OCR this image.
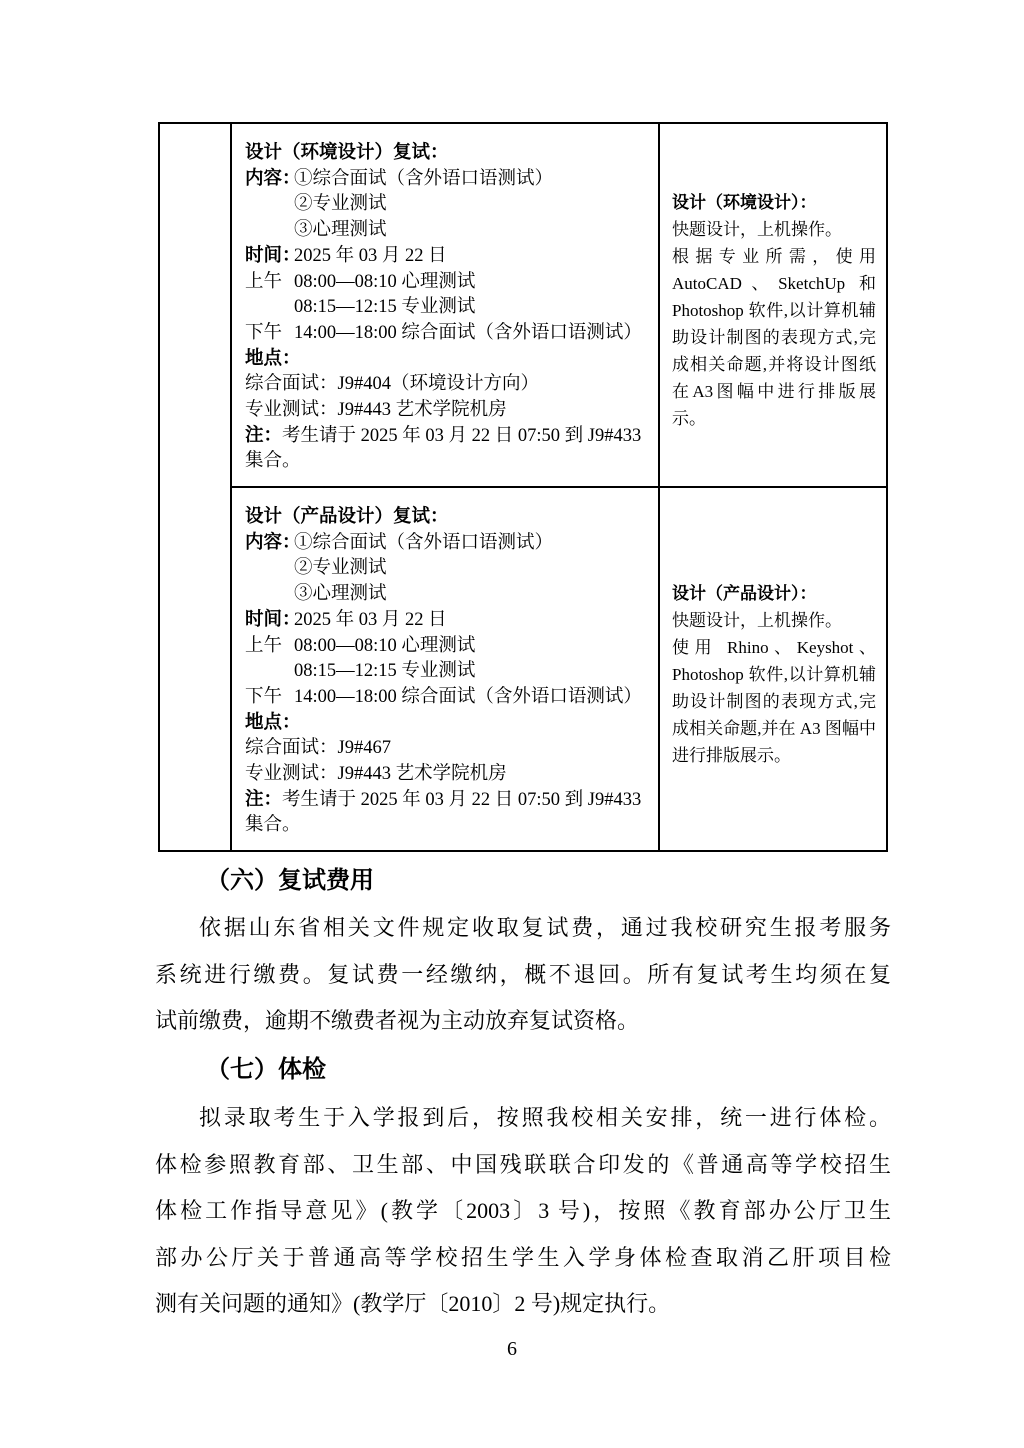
设计（环境设计）复试：
内容：①综合面试（含外语口语测试）
②专业测试
③心理测试
时间：2025 年 03 月 22 日
上午 08:00—08:10 心理测试
08:15—12:15 专业测试
下午 14:00—18:00 综合面试（含外语口语测试）
地点：
综合面试：J9#404（环境设计方向）
专业测试：J9#443 艺术学院机房
注：考生请于 2025 年 03 月 22 日 07:50 到 J9#433 集合。
设计（环境设计）：
快题设计，上机操作。
根据专业所需，使用 AutoCAD、SketchUp 和 Photoshop 软件,以计算机辅助设计制图的表现方式,完成相关命题,并将设计图纸在A3图幅中进行排版展示。
设计（产品设计）复试：
内容：①综合面试（含外语口语测试）
②专业测试
③心理测试
时间：2025 年 03 月 22 日
上午 08:00—08:10 心理测试
08:15—12:15 专业测试
下午 14:00—18:00 综合面试（含外语口语测试）
地点：
综合面试：J9#467
专业测试：J9#443 艺术学院机房
注：考生请于 2025 年 03 月 22 日 07:50 到 J9#433 集合。
设计（产品设计）：
快题设计，上机操作。
使用 Rhino、Keyshot、Photoshop 软件,以计算机辅助设计制图的表现方式,完成相关命题,并在 A3 图幅中进行排版展示。
（六）复试费用
依据山东省相关文件规定收取复试费，通过我校研究生报考服务
系统进行缴费。复试费一经缴纳，概不退回。所有复试考生均须在复
试前缴费，逾期不缴费者视为主动放弃复试资格。
（七）体检
拟录取考生于入学报到后，按照我校相关安排，统一进行体检。
体检参照教育部、卫生部、中国残联联合印发的《普通高等学校招生
体检工作指导意见》(教学〔2003〕3 号)，按照《教育部办公厅卫生
部办公厅关于普通高等学校招生学生入学身体检查取消乙肝项目检
测有关问题的通知》(教学厅〔2010〕2 号)规定执行。
6
